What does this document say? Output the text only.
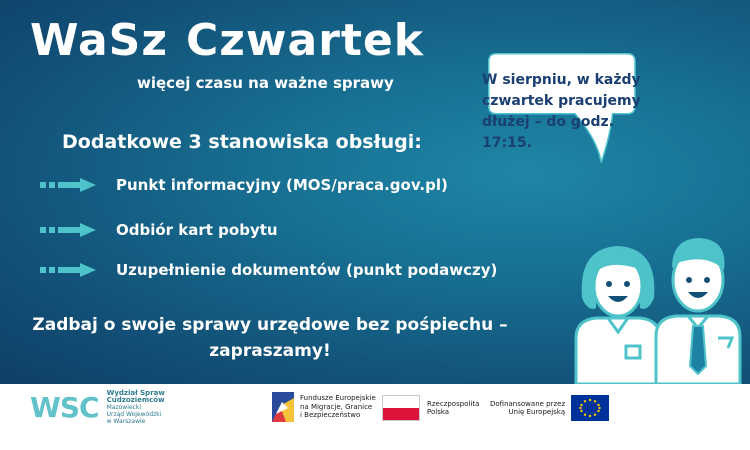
WaSz Czwartek
więcej czasu na ważne sprawy
Dodatkowe 3 stanowiska obsługi:
Punkt informacyjny (MOS/praca.gov.pl)
Odbiór kart pobytu
Uzupełnienie dokumentów (punkt podawczy)
Zadbaj o swoje sprawy urzędowe bez pośpiechu –
zapraszamy!
W sierpniu, w każdy
czwartek pracujemy
dłużej – do godz.
17:15.
WSC Wydział Spraw
Cudzoziemców
Mazowiecki
Urząd Wojewódzki
w Warszawie
Fundusze Europejskie
na Migracje, Granice
i Bezpieczeństwo
Rzeczpospolita
Polska
Dofinansowane przez
Unię Europejską
